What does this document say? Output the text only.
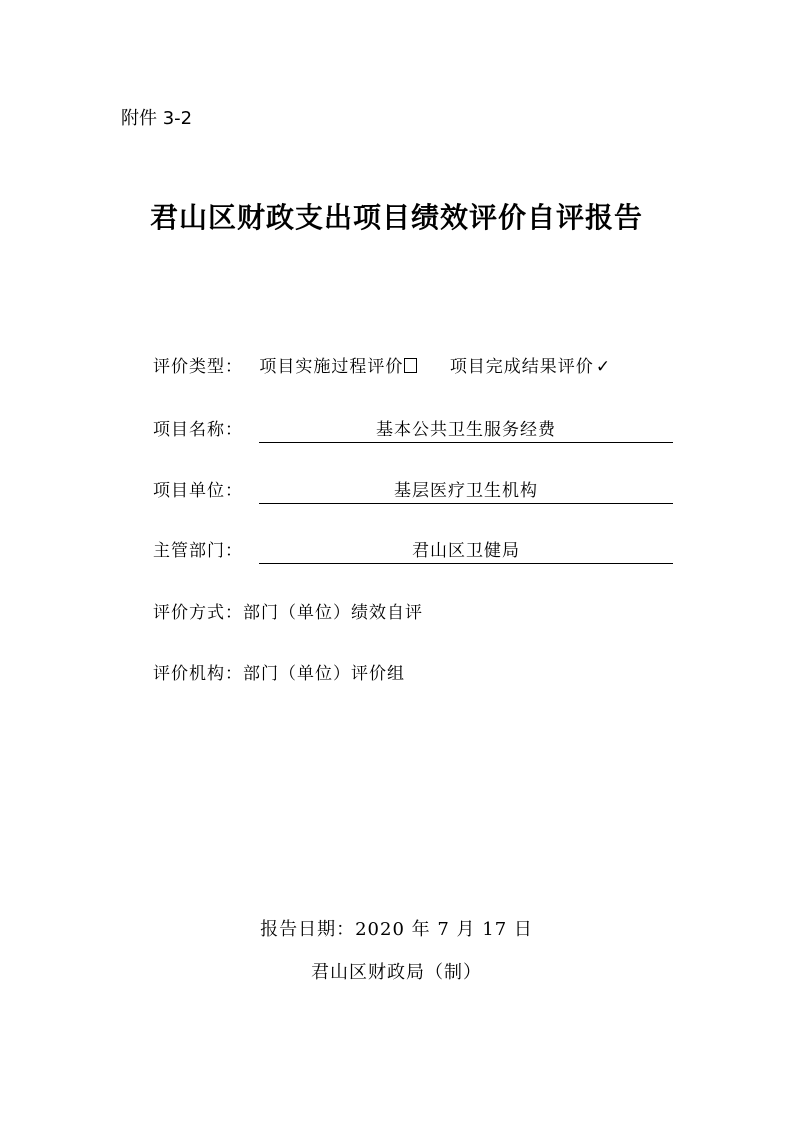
附件 3-2
君山区财政支出项目绩效评价自评报告
评价类型： 项目实施过程评价	项目完成结果评价 ✓
项目名称：	基本公共卫生服务经费
项目单位：	基层医疗卫生机构
主管部门：	君山区卫健局
评价方式：部门（单位）绩效自评
评价机构：部门（单位）评价组
报告日期：2020 年 7 月 17 日
君山区财政局（制）
